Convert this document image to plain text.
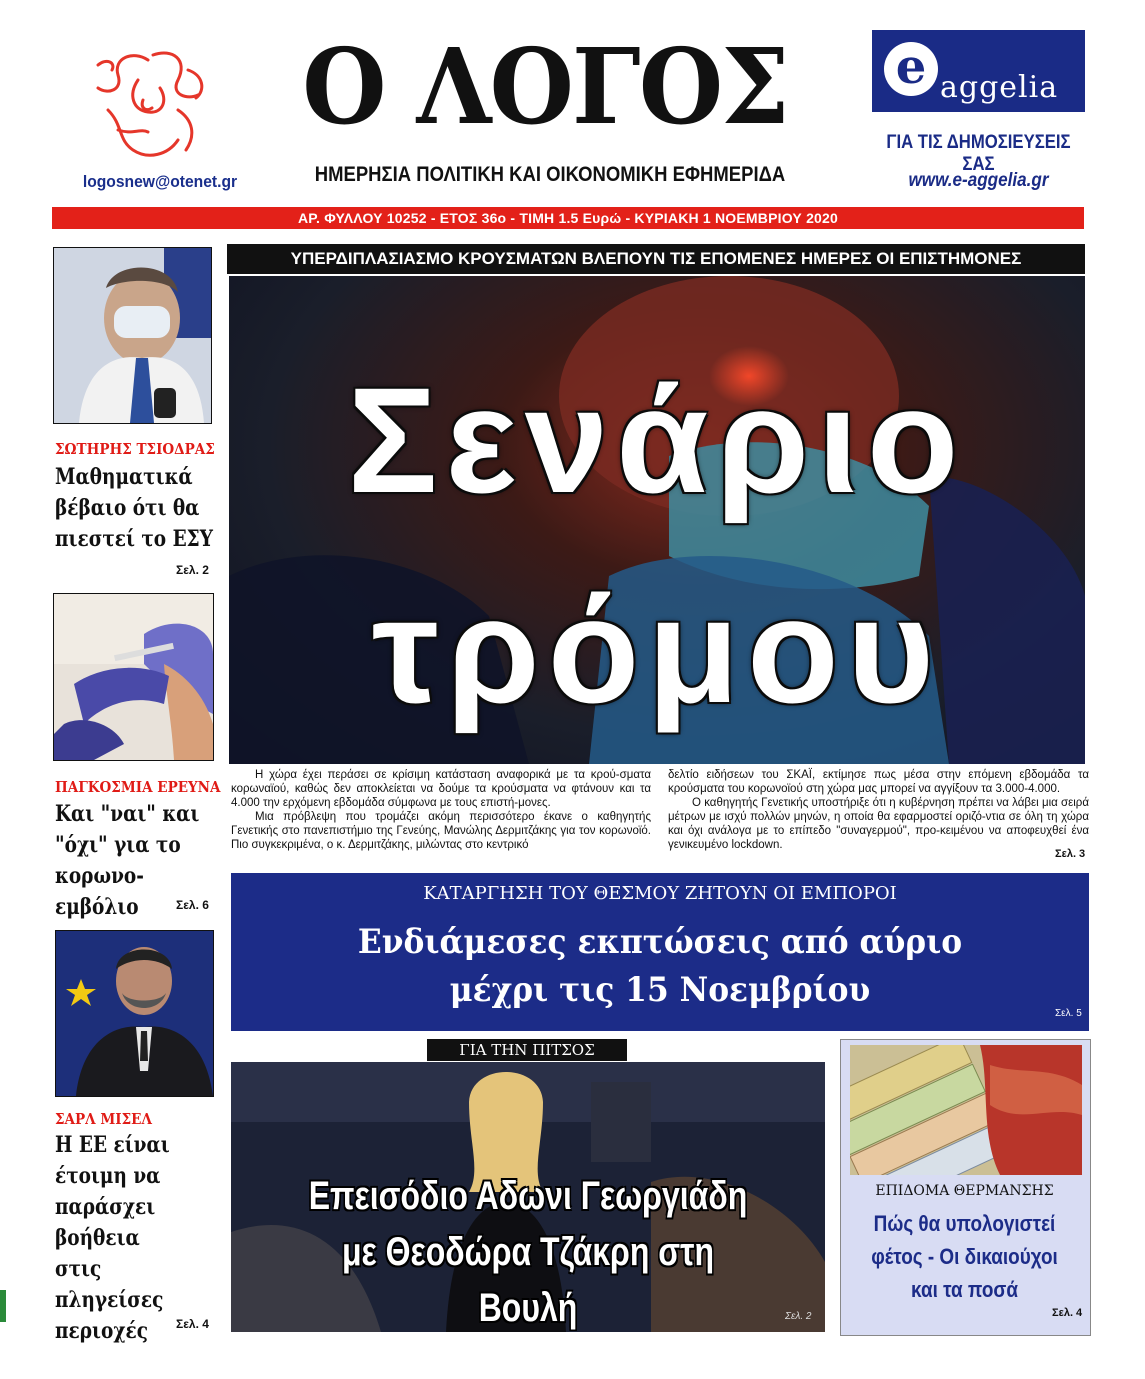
logosnew@otenet.gr
Ο ΛΟΓΟΣ
ΗΜΕΡΗΣΙΑ ΠΟΛΙΤΙΚΗ ΚΑΙ ΟΙΚΟΝΟΜΙΚΗ ΕΦΗΜΕΡΙΔΑ
e aggelia
ΓΙΑ ΤΙΣ ΔΗΜΟΣΙΕΥΣΕΙΣ ΣΑΣ
www.e-aggelia.gr
ΑΡ. ΦΥΛΛΟΥ 10252 - ΕΤΟΣ 36ο - ΤΙΜΗ 1.5 Ευρώ - ΚΥΡΙΑΚΗ 1 ΝΟΕΜΒΡΙΟΥ 2020
ΣΩΤΗΡΗΣ ΤΣΙΟΔΡΑΣ
Μαθηματικά
βέβαιο ότι θα
πιεστεί το ΕΣΥ
Σελ. 2
ΠΑΓΚΟΣΜΙΑ ΕΡΕΥΝΑ
Και "ναι" και
"όχι" για το
κορωνο-εμβόλιο	Σελ. 6
ΣΑΡΛ ΜΙΣΕΛ
Η ΕΕ είναι
έτοιμη να
παράσχει
βοήθεια
στις πληγείσες
περιοχές	Σελ. 4
ΥΠΕΡΔΙΠΛΑΣΙΑΣΜΟ ΚΡΟΥΣΜΑΤΩΝ ΒΛΕΠΟΥΝ ΤΙΣ ΕΠΟΜΕΝΕΣ ΗΜΕΡΕΣ ΟΙ ΕΠΙΣΤΗΜΟΝΕΣ
Σενάριο
τρόμου
Η χώρα έχει περάσει σε κρίσιμη κατάσταση αναφορικά με τα κρού-σματα κορωναϊού, καθώς δεν αποκλείεται να δούμε τα κρούσματα να φτάνουν και τα 4.000 την ερχόμενη εβδομάδα σύμφωνα με τους επιστή-μονες.
Μια πρόβλεψη που τρομάζει ακόμη περισσότερο έκανε ο καθηγητής Γενετικής στο πανεπιστήμιο της Γενεύης, Μανώλης Δερμιτζάκης για τον κορωνοϊό. Πιο συγκεκριμένα, ο κ. Δερμιτζάκης, μιλώντας στο κεντρικό
δελτίο ειδήσεων του ΣΚΑΪ, εκτίμησε πως μέσα στην επόμενη εβδομάδα τα κρούσματα του κορωνοϊού στη χώρα μας μπορεί να αγγίξουν τα 3.000-4.000.
Ο καθηγητής Γενετικής υποστήριξε ότι η κυβέρνηση πρέπει να λάβει μια σειρά μέτρων με ισχύ πολλών μηνών, η οποία θα εφαρμοστεί οριζό-ντια σε όλη τη χώρα και όχι ανάλογα με το επίπεδο "συναγερμού", προ-κειμένου να αποφευχθεί ένα γενικευμένο lockdown.
Σελ. 3
ΚΑΤΑΡΓΗΣΗ ΤΟΥ ΘΕΣΜΟΥ ΖΗΤΟΥΝ ΟΙ ΕΜΠΟΡΟΙ
Ενδιάμεσες εκπτώσεις από αύριο
μέχρι τις 15 Νοεμβρίου
Σελ. 5
ΓΙΑ ΤΗΝ ΠΙΤΣΟΣ
Επεισόδιο Αδωνι Γεωργιάδη
με Θεοδώρα Τζάκρη στη Βουλή	Σελ. 2
ΕΠΙΔΟΜΑ ΘΕΡΜΑΝΣΗΣ
Πώς θα υπολογιστεί
φέτος - Οι δικαιούχοι
και τα ποσά
Σελ. 4
